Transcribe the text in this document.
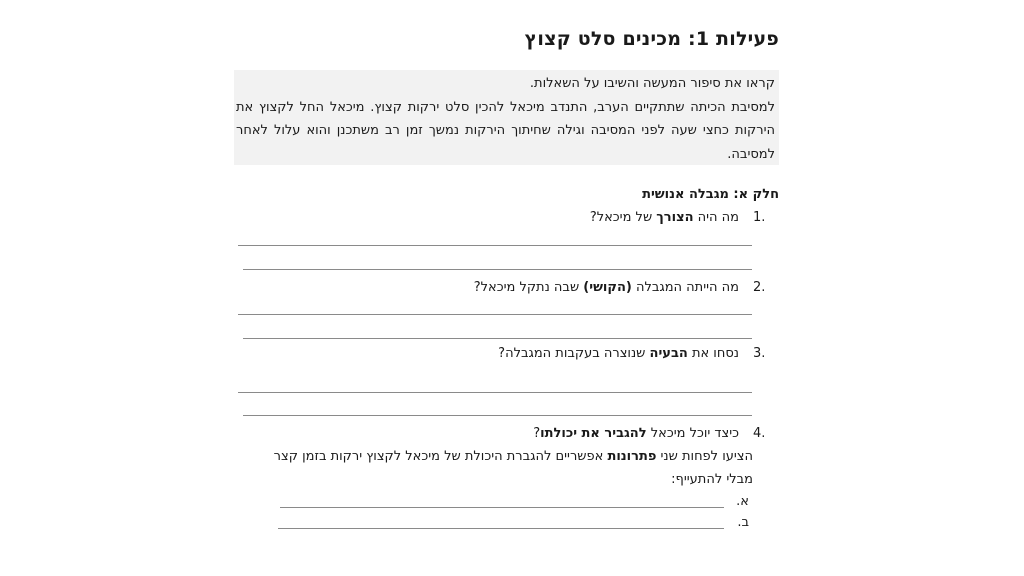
פעילות 1: מכינים סלט קצוץ

קראו את סיפור המעשה והשיבו על השאלות.

למסיבת הכיתה שתתקיים הערב, התנדב מיכאל להכין סלט ירקות קצוץ. מיכאל החל לקצוץ את הירקות כחצי שעה לפני המסיבה וגילה שחיתוך הירקות נמשך זמן רב משתכנן והוא עלול לאחר למסיבה.

חלק א: מגבלה אנושית
1.
מה היה הצורך של מיכאל?
2.
מה הייתה המגבלה (הקושי) שבה נתקל מיכאל?
3.
נסחו את הבעיה שנוצרה בעקבות המגבלה?
4.
כיצד יוכל מיכאל להגביר את יכולתו?
הציעו לפחות שני פתרונות אפשריים להגברת היכולת של מיכאל לקצוץ ירקות בזמן קצר
מבלי להתעייף:
א.
ב.
